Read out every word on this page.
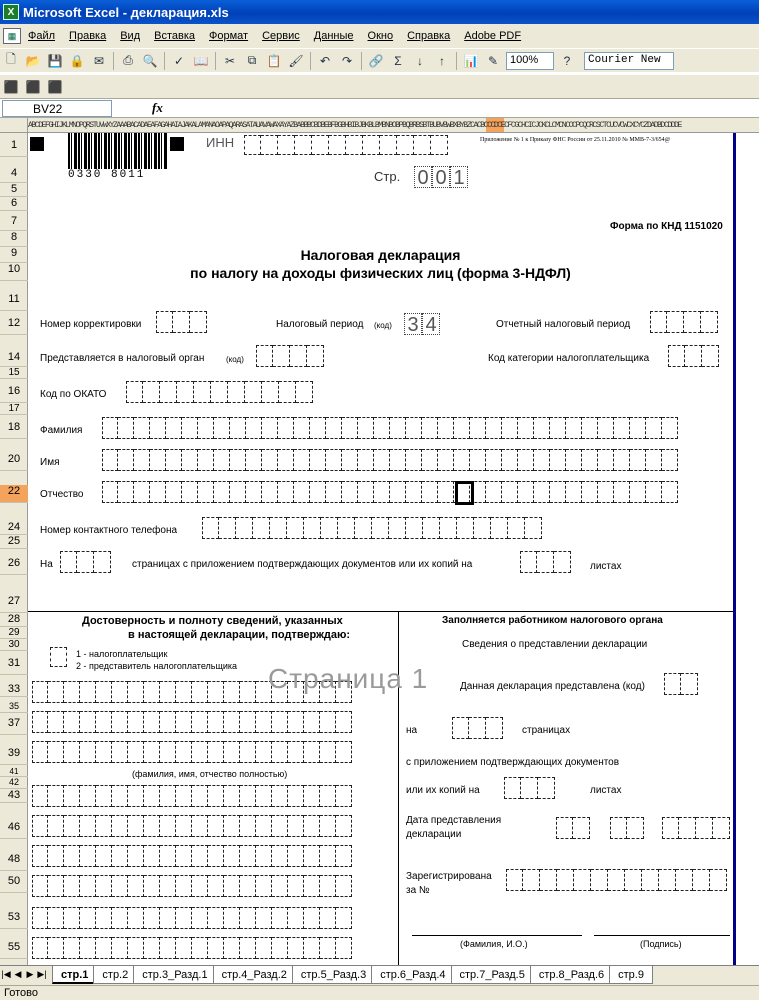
X Microsoft Excel - декларация.xls
▦	Файл	Правка	Вид	Вставка	Формат	Сервис	Данные	Окно	Справка	Adobe PDF
🗋 📂 💾 🔒 ✉	⎙ 🔍	✓ 📖	✂	⧉ 📋 🖌	↶ ↷	🔗 Σ	↓	↑	📊 ✎	100%	?	Courier New
⬛ ⬛ ⬛
BV22	fx
ABCDEFGHIJKLMNOPQRSTUVWXYZAAABACADAEAFAGAHAIAJAKALAMANAOAPAQARASATAUAVAWAXAYAZBABBBCBDBEBFBGBHBIBJBKBLBMBNBOBPBQBRBSBTBUBVBWBXBYBZCACBCCCDCECFCGCHCICJCKCLCMCNCOCPCQCRCSCTCUCVCWCXCYCZDADBDCDDDE
1
4
5
6
7
8
9
10
11
12
14
15
16
17
18
20
22
24
25
26
27
28
29
30
31
33
35
37
39
41
42
43
46
48
50
53
55
0330 8011
ИНН	Приложение № 1 к Приказу ФНС России от 25.11.2010 № ММВ-7-3/654@
Стр. 0 0 1
Форма по КНД 1151020
Налоговая декларация
по налогу на доходы физических лиц (форма 3-НДФЛ)
Номер корректировки	Налоговый период (код) 3 4	Отчетный налоговый период
Представляется в налоговый орган	(код)	Код категории налогоплательщика
Код по ОКАТО
Фамилия
Имя
Отчество
Номер контактного телефона
На	страницах с приложением подтверждающих документов или их копий на	листах
Достоверность и полноту сведений, указанных
в настоящей декларации, подтверждаю:
1 - налогоплательщик
2 - представитель налогоплательщика
(фамилия, имя, отчество полностью)
Заполняется работником налогового органа
Сведения о представлении декларации
Данная декларация представлена (код)
на	страницах
с приложением подтверждающих документов
или их копий на	листах
Дата представления
декларации
Зарегистрирована
за №
(Фамилия, И.О.)	(Подпись)
Страница 1
|◀ ◀ ▶ ▶|	стр.1	стр.2	стр.3_Разд.1	стр.4_Разд.2	стр.5_Разд.3	стр.6_Разд.4	стр.7_Разд.5	стр.8_Разд.6	стр.9
Готово
